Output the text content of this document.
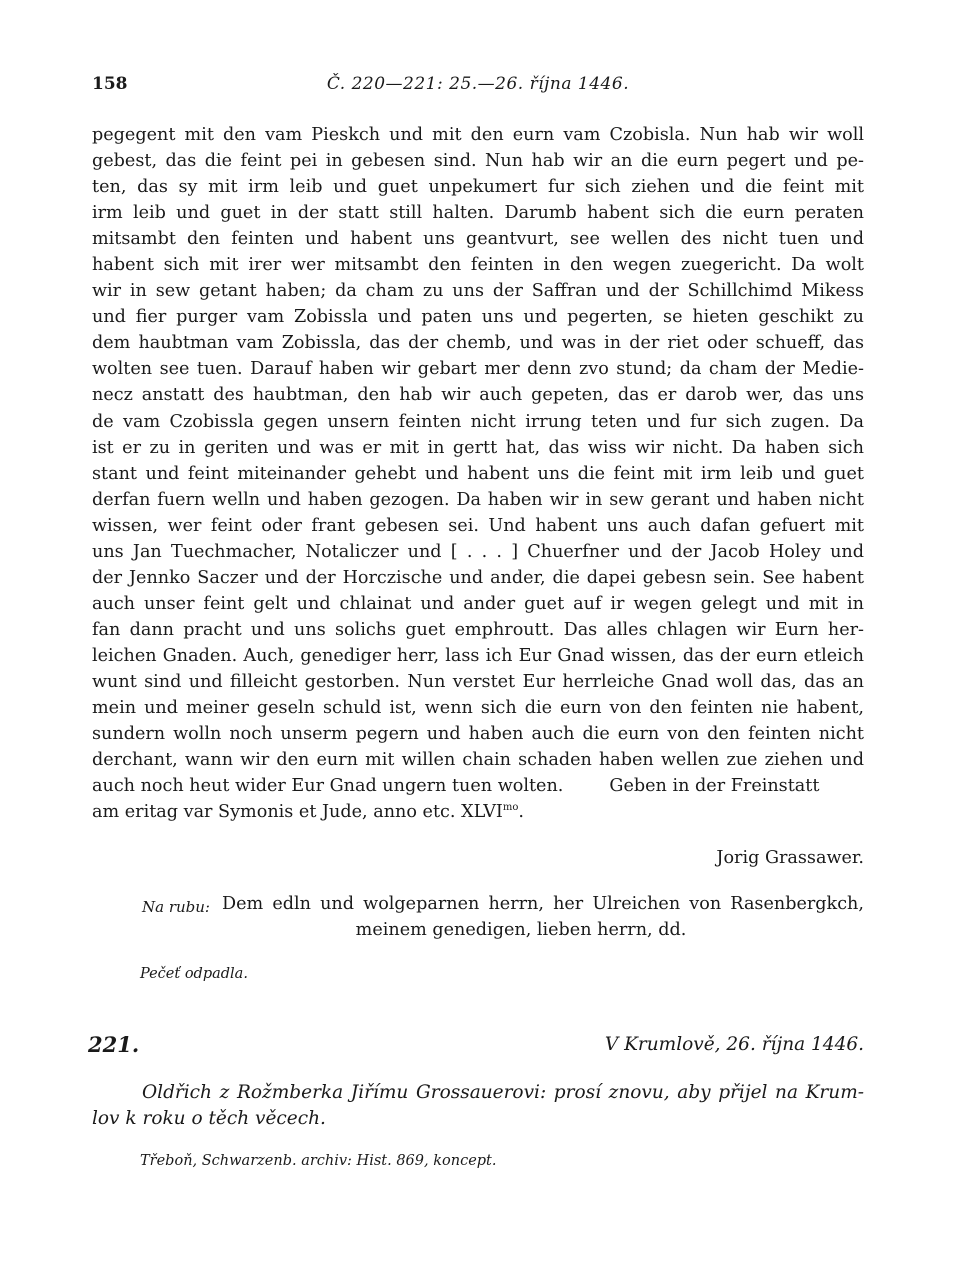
158	Č. 220—221: 25.—26. října 1446.
pegegent mit den vam Pieskch und mit den eurn vam Czobisla. Nun hab wir woll
gebest, das die feint pei in gebesen sind. Nun hab wir an die eurn pegert und pe-
ten, das sy mit irm leib und guet unpekumert fur sich ziehen und die feint mit
irm leib und guet in der statt still halten. Darumb habent sich die eurn peraten
mitsambt den feinten und habent uns geantvurt, see wellen des nicht tuen und
habent sich mit irer wer mitsambt den feinten in den wegen zuegericht. Da wolt
wir in sew getant haben; da cham zu uns der Saffran und der Schillchimd Mikess
und fier purger vam Zobissla und paten uns und pegerten, se hieten geschikt zu
dem haubtman vam Zobissla, das der chemb, und was in der riet oder schueff, das
wolten see tuen. Darauf haben wir gebart mer denn zvo stund; da cham der Medie-
necz anstatt des haubtman, den hab wir auch gepeten, das er darob wer, das uns
de vam Czobissla gegen unsern feinten nicht irrung teten und fur sich zugen. Da
ist er zu in geriten und was er mit in gertt hat, das wiss wir nicht. Da haben sich
stant und feint miteinander gehebt und habent uns die feint mit irm leib und guet
derfan fuern welln und haben gezogen. Da haben wir in sew gerant und haben nicht
wissen, wer feint oder frant gebesen sei. Und habent uns auch dafan gefuert mit
uns Jan Tuechmacher, Notaliczer und [ . . . ] Chuerfner und der Jacob Holey und
der Jennko Saczer und der Horczische und ander, die dapei gebesn sein. See habent
auch unser feint gelt und chlainat und ander guet auf ir wegen gelegt und mit in
fan dann pracht und uns solichs guet emphroutt. Das alles chlagen wir Eurn her-
leichen Gnaden. Auch, genediger herr, lass ich Eur Gnad wissen, das der eurn etleich
wunt sind und filleicht gestorben. Nun verstet Eur herrleiche Gnad woll das, das an
mein und meiner geseln schuld ist, wenn sich die eurn von den feinten nie habent,
sundern wolln noch unserm pegern und haben auch die eurn von den feinten nicht
derchant, wann wir den eurn mit willen chain schaden haben wellen zue ziehen und
auch noch heut wider Eur Gnad ungern tuen wolten.	Geben in der Freinstatt
am eritag var Symonis et Jude, anno etc. $XLVI^{mo}$.
Jorig Grassawer.
Na rubu: Dem edln und wolgeparnen herrn, her Ulreichen von Rasenbergkch,
meinem genedigen, lieben herrn, dd.
Pečeť odpadla.
221.	V Krumlově, 26. října 1446.
Oldřich z Rožmberka Jiřímu Grossauerovi: prosí znovu, aby přijel na Krum-
lov k roku o těch věcech.
Třeboň, Schwarzenb. archiv: Hist. 869, koncept.
